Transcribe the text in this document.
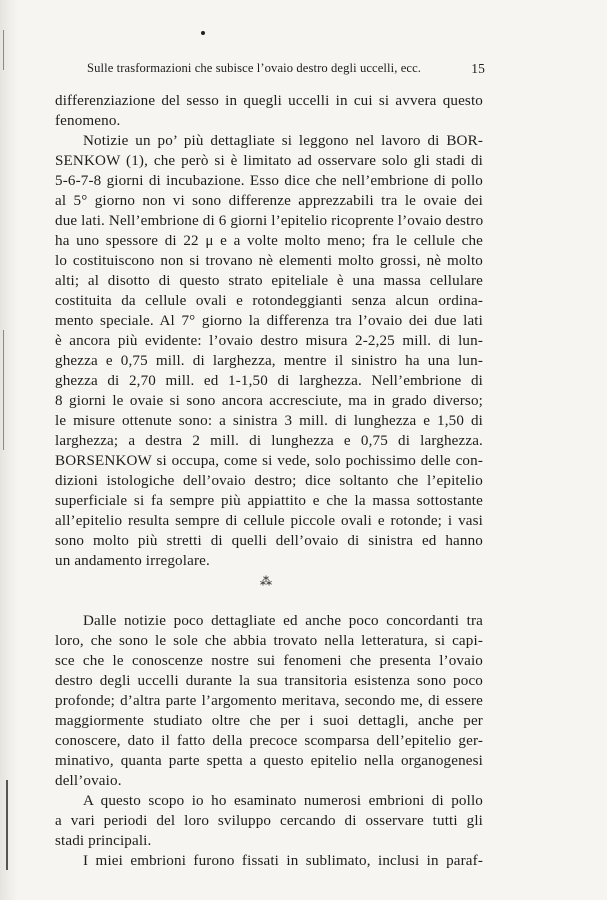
Sulle trasformazioni che subisce l’ovaio destro degli uccelli, ecc.	15
differenziazione del sesso in quegli uccelli in cui si avvera questo
fenomeno.
Notizie un po’ più dettagliate si leggono nel lavoro di BOR-
SENKOW (1), che però si è limitato ad osservare solo gli stadi di
5-6-7-8 giorni di incubazione. Esso dice che nell’embrione di pollo
al 5° giorno non vi sono differenze apprezzabili tra le ovaie dei
due lati. Nell’embrione di 6 giorni l’epitelio ricoprente l’ovaio destro
ha uno spessore di 22 μ e a volte molto meno; fra le cellule che
lo costituiscono non si trovano nè elementi molto grossi, nè molto
alti; al disotto di questo strato epiteliale è una massa cellulare
costituita da cellule ovali e rotondeggianti senza alcun ordina-
mento speciale. Al 7° giorno la differenza tra l’ovaio dei due lati
è ancora più evidente: l’ovaio destro misura 2-2,25 mill. di lun-
ghezza e 0,75 mill. di larghezza, mentre il sinistro ha una lun-
ghezza di 2,70 mill. ed 1-1,50 di larghezza. Nell’embrione di
8 giorni le ovaie si sono ancora accresciute, ma in grado diverso;
le misure ottenute sono: a sinistra 3 mill. di lunghezza e 1,50 di
larghezza; a destra 2 mill. di lunghezza e 0,75 di larghezza.
BORSENKOW si occupa, come si vede, solo pochissimo delle con-
dizioni istologiche dell’ovaio destro; dice soltanto che l’epitelio
superficiale si fa sempre più appiattito e che la massa sottostante
all’epitelio resulta sempre di cellule piccole ovali e rotonde; i vasi
sono molto più stretti di quelli dell’ovaio di sinistra ed hanno
un andamento irregolare.
⁂
Dalle notizie poco dettagliate ed anche poco concordanti tra
loro, che sono le sole che abbia trovato nella letteratura, si capi-
sce che le conoscenze nostre sui fenomeni che presenta l’ovaio
destro degli uccelli durante la sua transitoria esistenza sono poco
profonde; d’altra parte l’argomento meritava, secondo me, di essere
maggiormente studiato oltre che per i suoi dettagli, anche per
conoscere, dato il fatto della precoce scomparsa dell’epitelio ger-
minativo, quanta parte spetta a questo epitelio nella organogenesi
dell’ovaio.
A questo scopo io ho esaminato numerosi embrioni di pollo
a vari periodi del loro sviluppo cercando di osservare tutti gli
stadi principali.
I miei embrioni furono fissati in sublimato, inclusi in paraf-
